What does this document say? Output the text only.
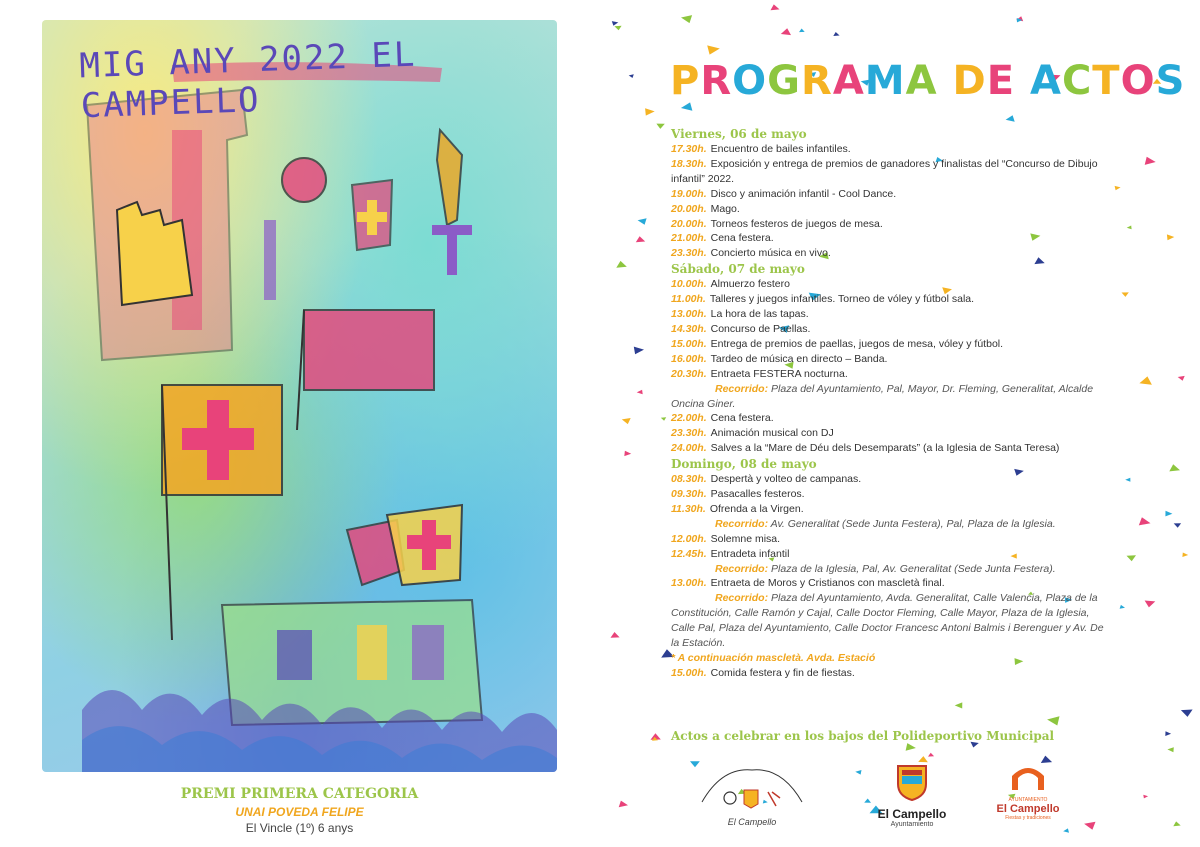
MIG ANY 2022 EL CAMPELLO
PREMI PRIMERA CATEGORIA
UNAI POVEDA FELIPE
El Vincle (1º) 6 anys
PROGRAMA DE ACTOS
Viernes, 06 de mayo
17.30h. Encuentro de bailes infantiles.
18.30h. Exposición y entrega de premios de ganadores y finalistas del “Concurso de Dibujo infantil” 2022.
19.00h. Disco y animación infantil - Cool Dance.
20.00h. Mago.
20.00h. Torneos festeros de juegos de mesa.
21.00h. Cena festera.
23.30h. Concierto música en vivo.
Sábado, 07 de mayo
10.00h. Almuerzo festero
11.00h. Talleres y juegos infantiles. Torneo de vóley y fútbol sala.
13.00h. La hora de las tapas.
14.30h. Concurso de Paellas.
15.00h. Entrega de premios de paellas, juegos de mesa, vóley y fútbol.
16.00h. Tardeo de música en directo – Banda.
20.30h. Entraeta FESTERA nocturna.
Recorrido: Plaza del Ayuntamiento, Pal, Mayor, Dr. Fleming, Generalitat, Alcalde
Oncina Giner.
22.00h. Cena festera.
23.30h. Animación musical con DJ
24.00h. Salves a la “Mare de Déu dels Desemparats” (a la Iglesia de Santa Teresa)
Domingo, 08 de mayo
08.30h. Despertà y volteo de campanas.
09.30h. Pasacalles festeros.
11.30h. Ofrenda a la Virgen.
Recorrido: Av. Generalitat (Sede Junta Festera), Pal, Plaza de la Iglesia.
12.00h. Solemne misa.
12.45h. Entradeta infantil
Recorrido: Plaza de la Iglesia, Pal, Av. Generalitat (Sede Junta Festera).
13.00h. Entraeta de Moros y Cristianos con mascletà final.
Recorrido: Plaza del Ayuntamiento, Avda. Generalitat, Calle Valencia, Plaza de la
Constitución, Calle Ramón y Cajal, Calle Doctor Fleming, Calle Mayor, Plaza de la Iglesia, Calle Pal, Plaza del Ayuntamiento, Calle Doctor Francesc Antoni Balmis i Berenguer y Av. De la Estación.
* A continuación mascletà. Avda. Estació
15.00h. Comida festera y fin de fiestas.
Actos a celebrar en los bajos del Polideportivo Municipal
El Campello
El Campello
Ayuntamiento
AYUNTAMIENTO
El Campello
Fiestas y tradiciones
